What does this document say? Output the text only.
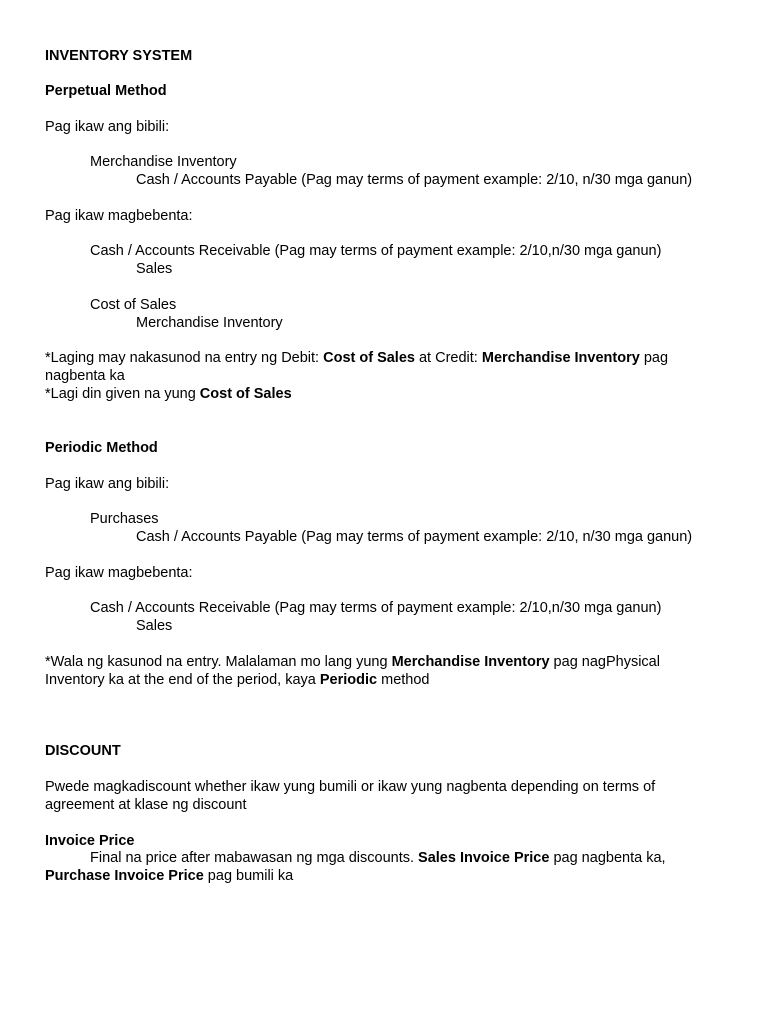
INVENTORY SYSTEM
Perpetual Method
Pag ikaw ang bibili:
Merchandise Inventory
Cash / Accounts Payable (Pag may terms of payment example: 2/10, n/30 mga ganun)
Pag ikaw magbebenta:
Cash / Accounts Receivable (Pag may terms of payment example: 2/10,n/30 mga ganun)
Sales
Cost of Sales
Merchandise Inventory
*Laging may nakasunod na entry ng Debit: Cost of Sales at Credit: Merchandise Inventory pag
nagbenta ka
*Lagi din given na yung Cost of Sales
Periodic Method
Pag ikaw ang bibili:
Purchases
Cash / Accounts Payable (Pag may terms of payment example: 2/10, n/30 mga ganun)
Pag ikaw magbebenta:
Cash / Accounts Receivable (Pag may terms of payment example: 2/10,n/30 mga ganun)
Sales
*Wala ng kasunod na entry. Malalaman mo lang yung Merchandise Inventory pag nagPhysical
Inventory ka at the end of the period, kaya Periodic method
DISCOUNT
Pwede magkadiscount whether ikaw yung bumili or ikaw yung nagbenta depending on terms of
agreement at klase ng discount
Invoice Price
Final na price after mabawasan ng mga discounts. Sales Invoice Price pag nagbenta ka,
Purchase Invoice Price pag bumili ka
